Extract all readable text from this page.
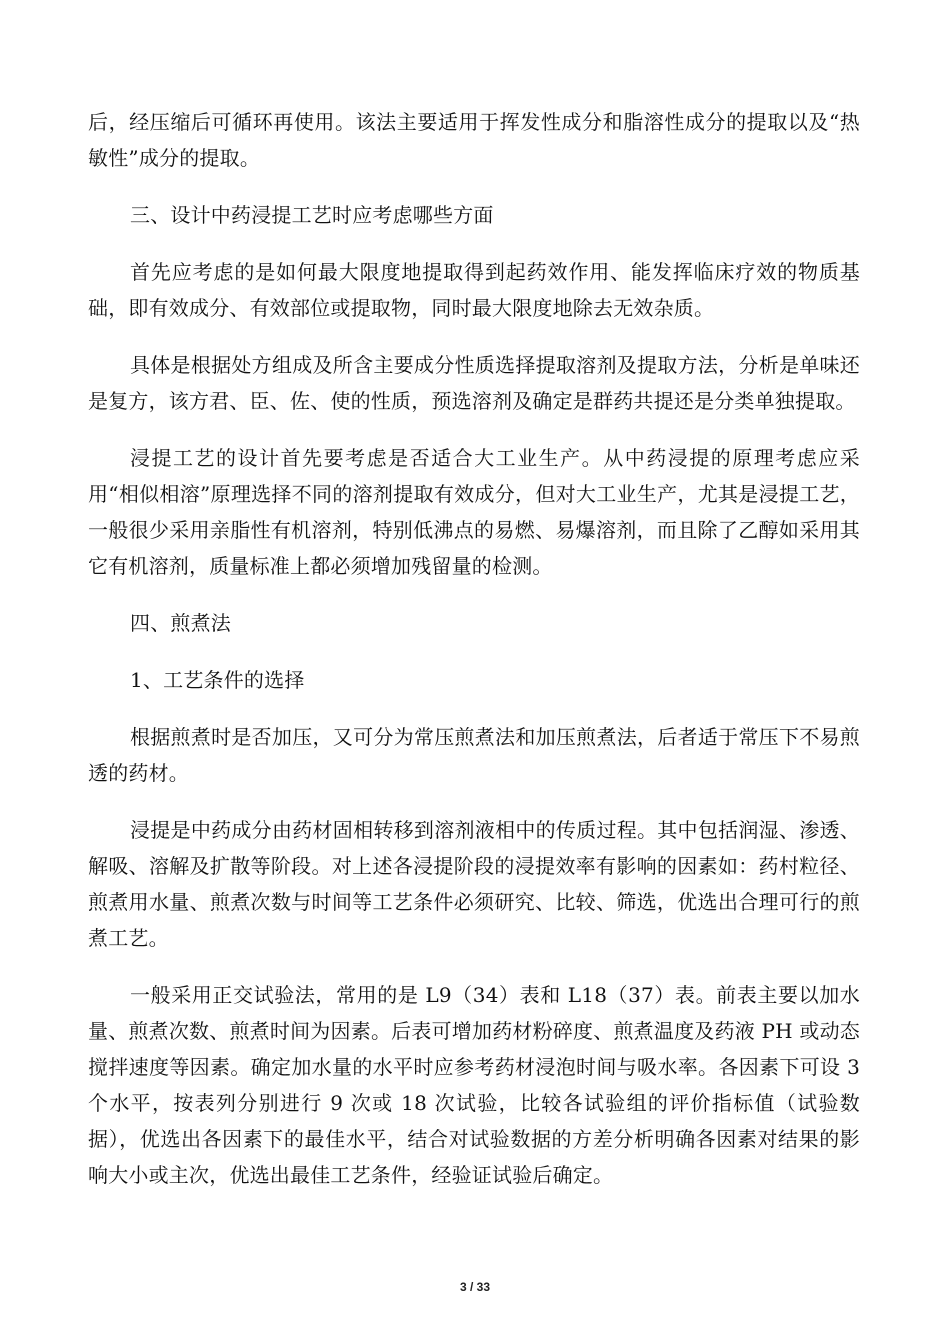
后，经压缩后可循环再使用。该法主要适用于挥发性成分和脂溶性成分的提取以及“热敏性”成分的提取。

三、设计中药浸提工艺时应考虑哪些方面

首先应考虑的是如何最大限度地提取得到起药效作用、能发挥临床疗效的物质基础，即有效成分、有效部位或提取物，同时最大限度地除去无效杂质。

具体是根据处方组成及所含主要成分性质选择提取溶剂及提取方法，分析是单味还是复方，该方君、臣、佐、使的性质，预选溶剂及确定是群药共提还是分类单独提取。

浸提工艺的设计首先要考虑是否适合大工业生产。从中药浸提的原理考虑应采用“相似相溶”原理选择不同的溶剂提取有效成分，但对大工业生产，尤其是浸提工艺，一般很少采用亲脂性有机溶剂，特别低沸点的易燃、易爆溶剂，而且除了乙醇如采用其它有机溶剂，质量标准上都必须增加残留量的检测。

四、煎煮法

1、工艺条件的选择

根据煎煮时是否加压，又可分为常压煎煮法和加压煎煮法，后者适于常压下不易煎透的药材。

浸提是中药成分由药材固相转移到溶剂液相中的传质过程。其中包括润湿、渗透、解吸、溶解及扩散等阶段。对上述各浸提阶段的浸提效率有影响的因素如：药村粒径、煎煮用水量、煎煮次数与时间等工艺条件必须研究、比较、筛选，优选出合理可行的煎煮工艺。

一般采用正交试验法，常用的是 L9（34）表和 L18（37）表。前表主要以加水量、煎煮次数、煎煮时间为因素。后表可增加药材粉碎度、煎煮温度及药液 PH 或动态搅拌速度等因素。确定加水量的水平时应参考药材浸泡时间与吸水率。各因素下可设 3 个水平，按表列分别进行 9 次或 18 次试验，比较各试验组的评价指标值（试验数据），优选出各因素下的最佳水平，结合对试验数据的方差分析明确各因素对结果的影响大小或主次，优选出最佳工艺条件，经验证试验后确定。

3 / 33
